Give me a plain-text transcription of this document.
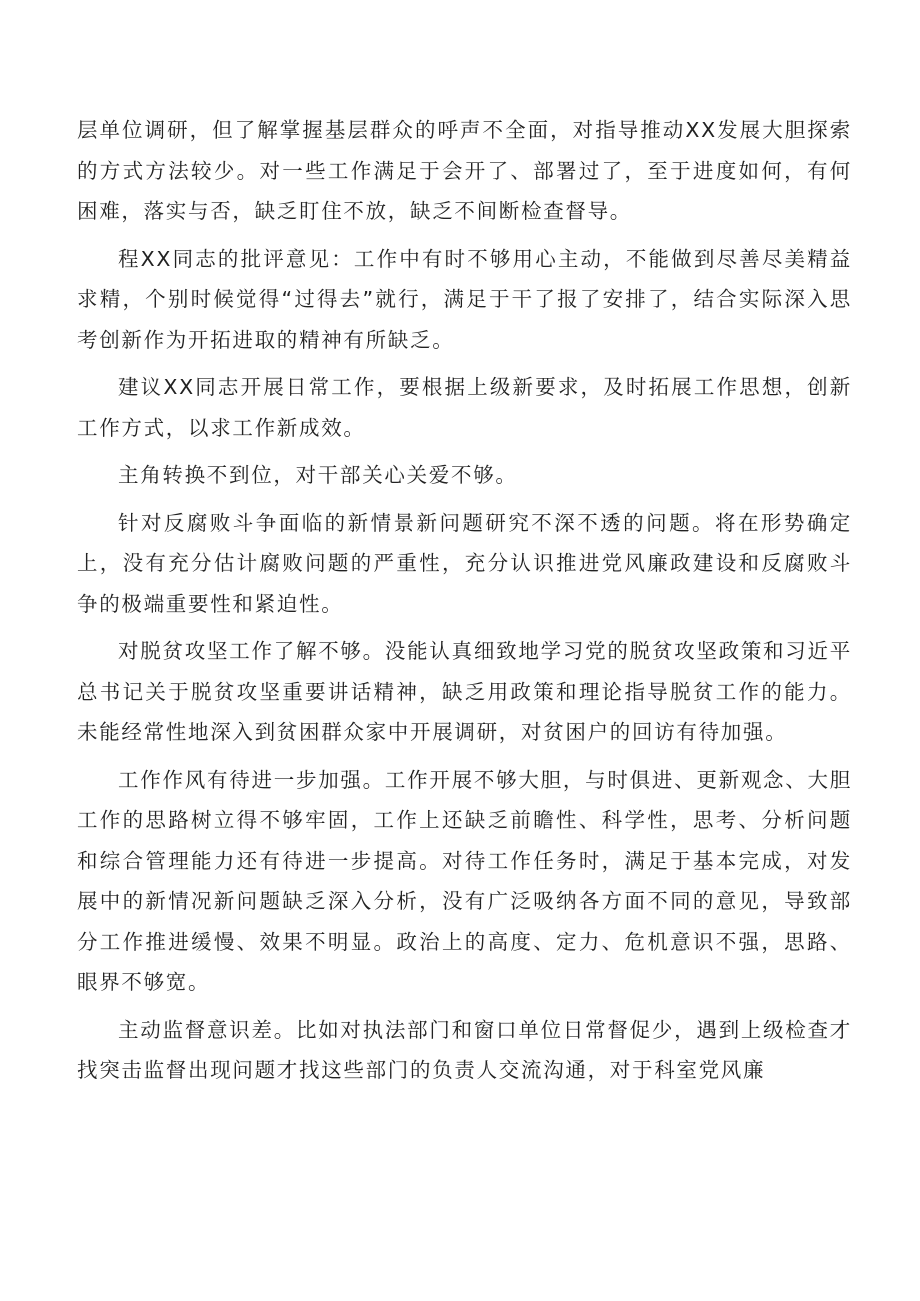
层单位调研，但了解掌握基层群众的呼声不全面，对指导推动XX发展大胆探索的方式方法较少。对一些工作满足于会开了、部署过了，至于进度如何，有何困难，落实与否，缺乏盯住不放，缺乏不间断检查督导。

程XX同志的批评意见：工作中有时不够用心主动，不能做到尽善尽美精益求精，个别时候觉得“过得去”就行，满足于干了报了安排了，结合实际深入思考创新作为开拓进取的精神有所缺乏。

建议XX同志开展日常工作，要根据上级新要求，及时拓展工作思想，创新工作方式，以求工作新成效。

主角转换不到位，对干部关心关爱不够。

针对反腐败斗争面临的新情景新问题研究不深不透的问题。将在形势确定上，没有充分估计腐败问题的严重性，充分认识推进党风廉政建设和反腐败斗争的极端重要性和紧迫性。

对脱贫攻坚工作了解不够。没能认真细致地学习党的脱贫攻坚政策和习近平总书记关于脱贫攻坚重要讲话精神，缺乏用政策和理论指导脱贫工作的能力。未能经常性地深入到贫困群众家中开展调研，对贫困户的回访有待加强。

工作作风有待进一步加强。工作开展不够大胆，与时俱进、更新观念、大胆工作的思路树立得不够牢固，工作上还缺乏前瞻性、科学性，思考、分析问题和综合管理能力还有待进一步提高。对待工作任务时，满足于基本完成，对发展中的新情况新问题缺乏深入分析，没有广泛吸纳各方面不同的意见，导致部分工作推进缓慢、效果不明显。政治上的高度、定力、危机意识不强，思路、眼界不够宽。

主动监督意识差。比如对执法部门和窗口单位日常督促少，遇到上级检查才找突击监督出现问题才找这些部门的负责人交流沟通，对于科室党风廉
